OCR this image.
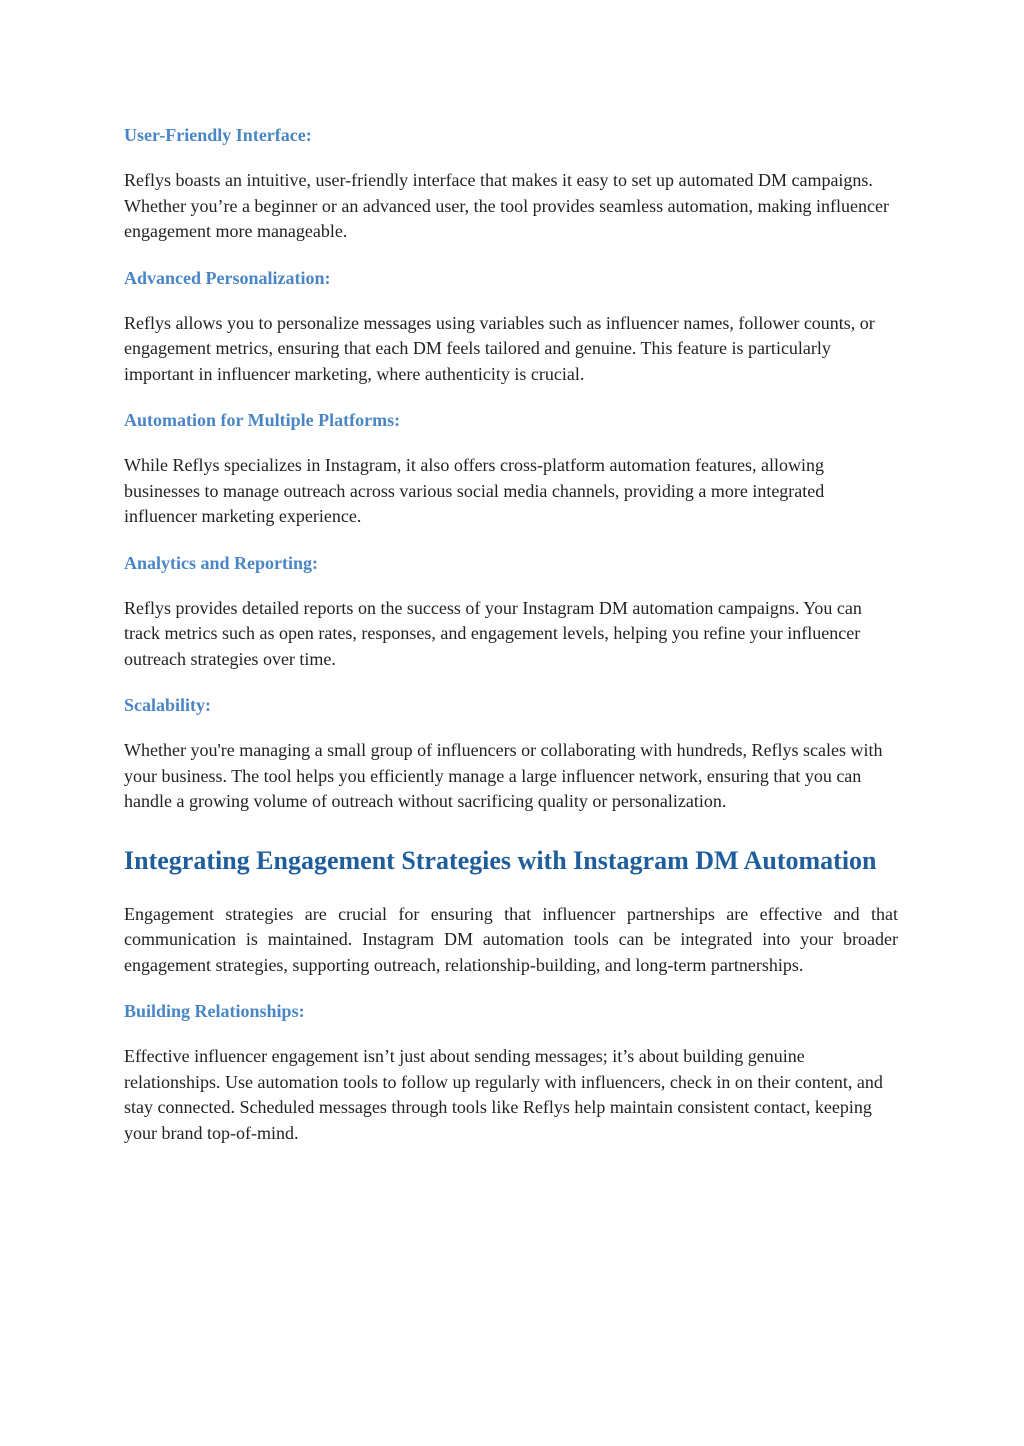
User-Friendly Interface:

Reflys boasts an intuitive, user-friendly interface that makes it easy to set up automated DM campaigns. Whether you’re a beginner or an advanced user, the tool provides seamless automation, making influencer engagement more manageable.

Advanced Personalization:

Reflys allows you to personalize messages using variables such as influencer names, follower counts, or engagement metrics, ensuring that each DM feels tailored and genuine. This feature is particularly important in influencer marketing, where authenticity is crucial.

Automation for Multiple Platforms:

While Reflys specializes in Instagram, it also offers cross-platform automation features, allowing businesses to manage outreach across various social media channels, providing a more integrated influencer marketing experience.

Analytics and Reporting:

Reflys provides detailed reports on the success of your Instagram DM automation campaigns. You can track metrics such as open rates, responses, and engagement levels, helping you refine your influencer outreach strategies over time.

Scalability:

Whether you're managing a small group of influencers or collaborating with hundreds, Reflys scales with your business. The tool helps you efficiently manage a large influencer network, ensuring that you can handle a growing volume of outreach without sacrificing quality or personalization.

Integrating Engagement Strategies with Instagram DM Automation

Engagement strategies are crucial for ensuring that influencer partnerships are effective and that communication is maintained. Instagram DM automation tools can be integrated into your broader engagement strategies, supporting outreach, relationship-building, and long-term partnerships.

Building Relationships:

Effective influencer engagement isn’t just about sending messages; it’s about building genuine relationships. Use automation tools to follow up regularly with influencers, check in on their content, and stay connected. Scheduled messages through tools like Reflys help maintain consistent contact, keeping your brand top-of-mind.
